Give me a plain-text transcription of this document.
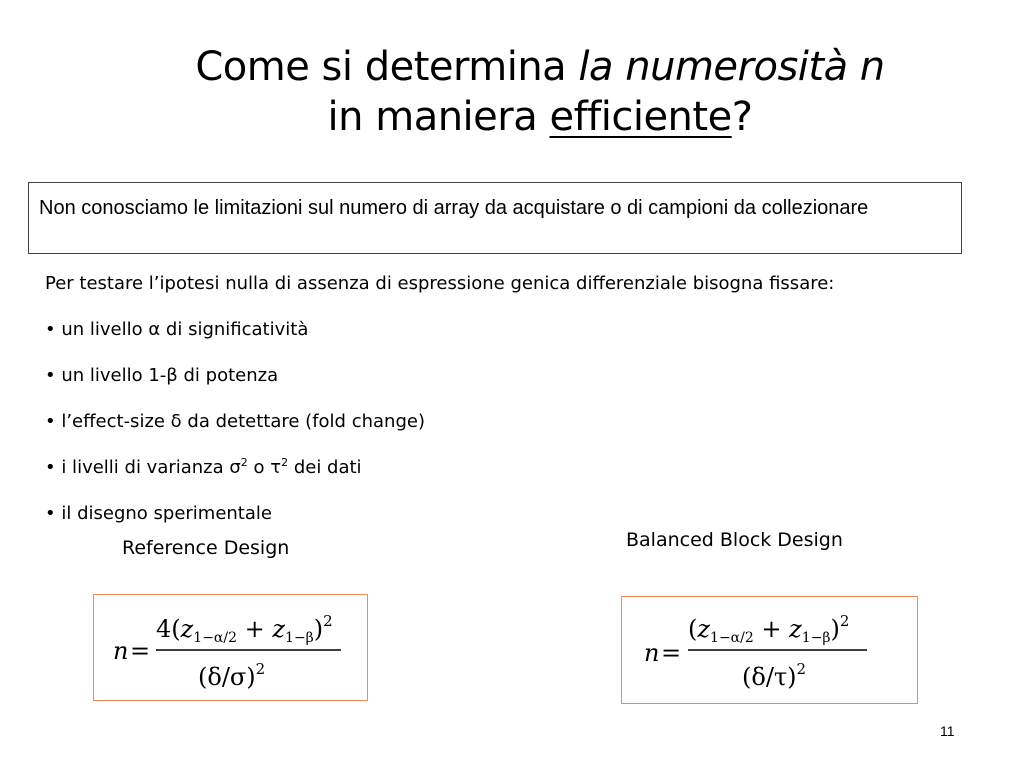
Come si determina la numerosità n
in maniera efficiente?
Non conosciamo le limitazioni sul numero di array da acquistare o di campioni da collezionare
Per testare l’ipotesi nulla di assenza di espressione genica differenziale bisogna fissare:
• un livello α di significatività
• un livello 1-β di potenza
• l’effect-size δ da detettare (fold change)
• i livelli di varianza $\sigma^2$ o $\tau^2$ dei dati
• il disegno sperimentale
Reference Design	Balanced Block Design
n =
$4(z_{1-\alpha/2} + z_{1-\beta})^2$
$(\delta/\sigma)^2$
n =
$(z_{1-\alpha/2} + z_{1-\beta})^2$
$(\delta/\tau)^2$
11
